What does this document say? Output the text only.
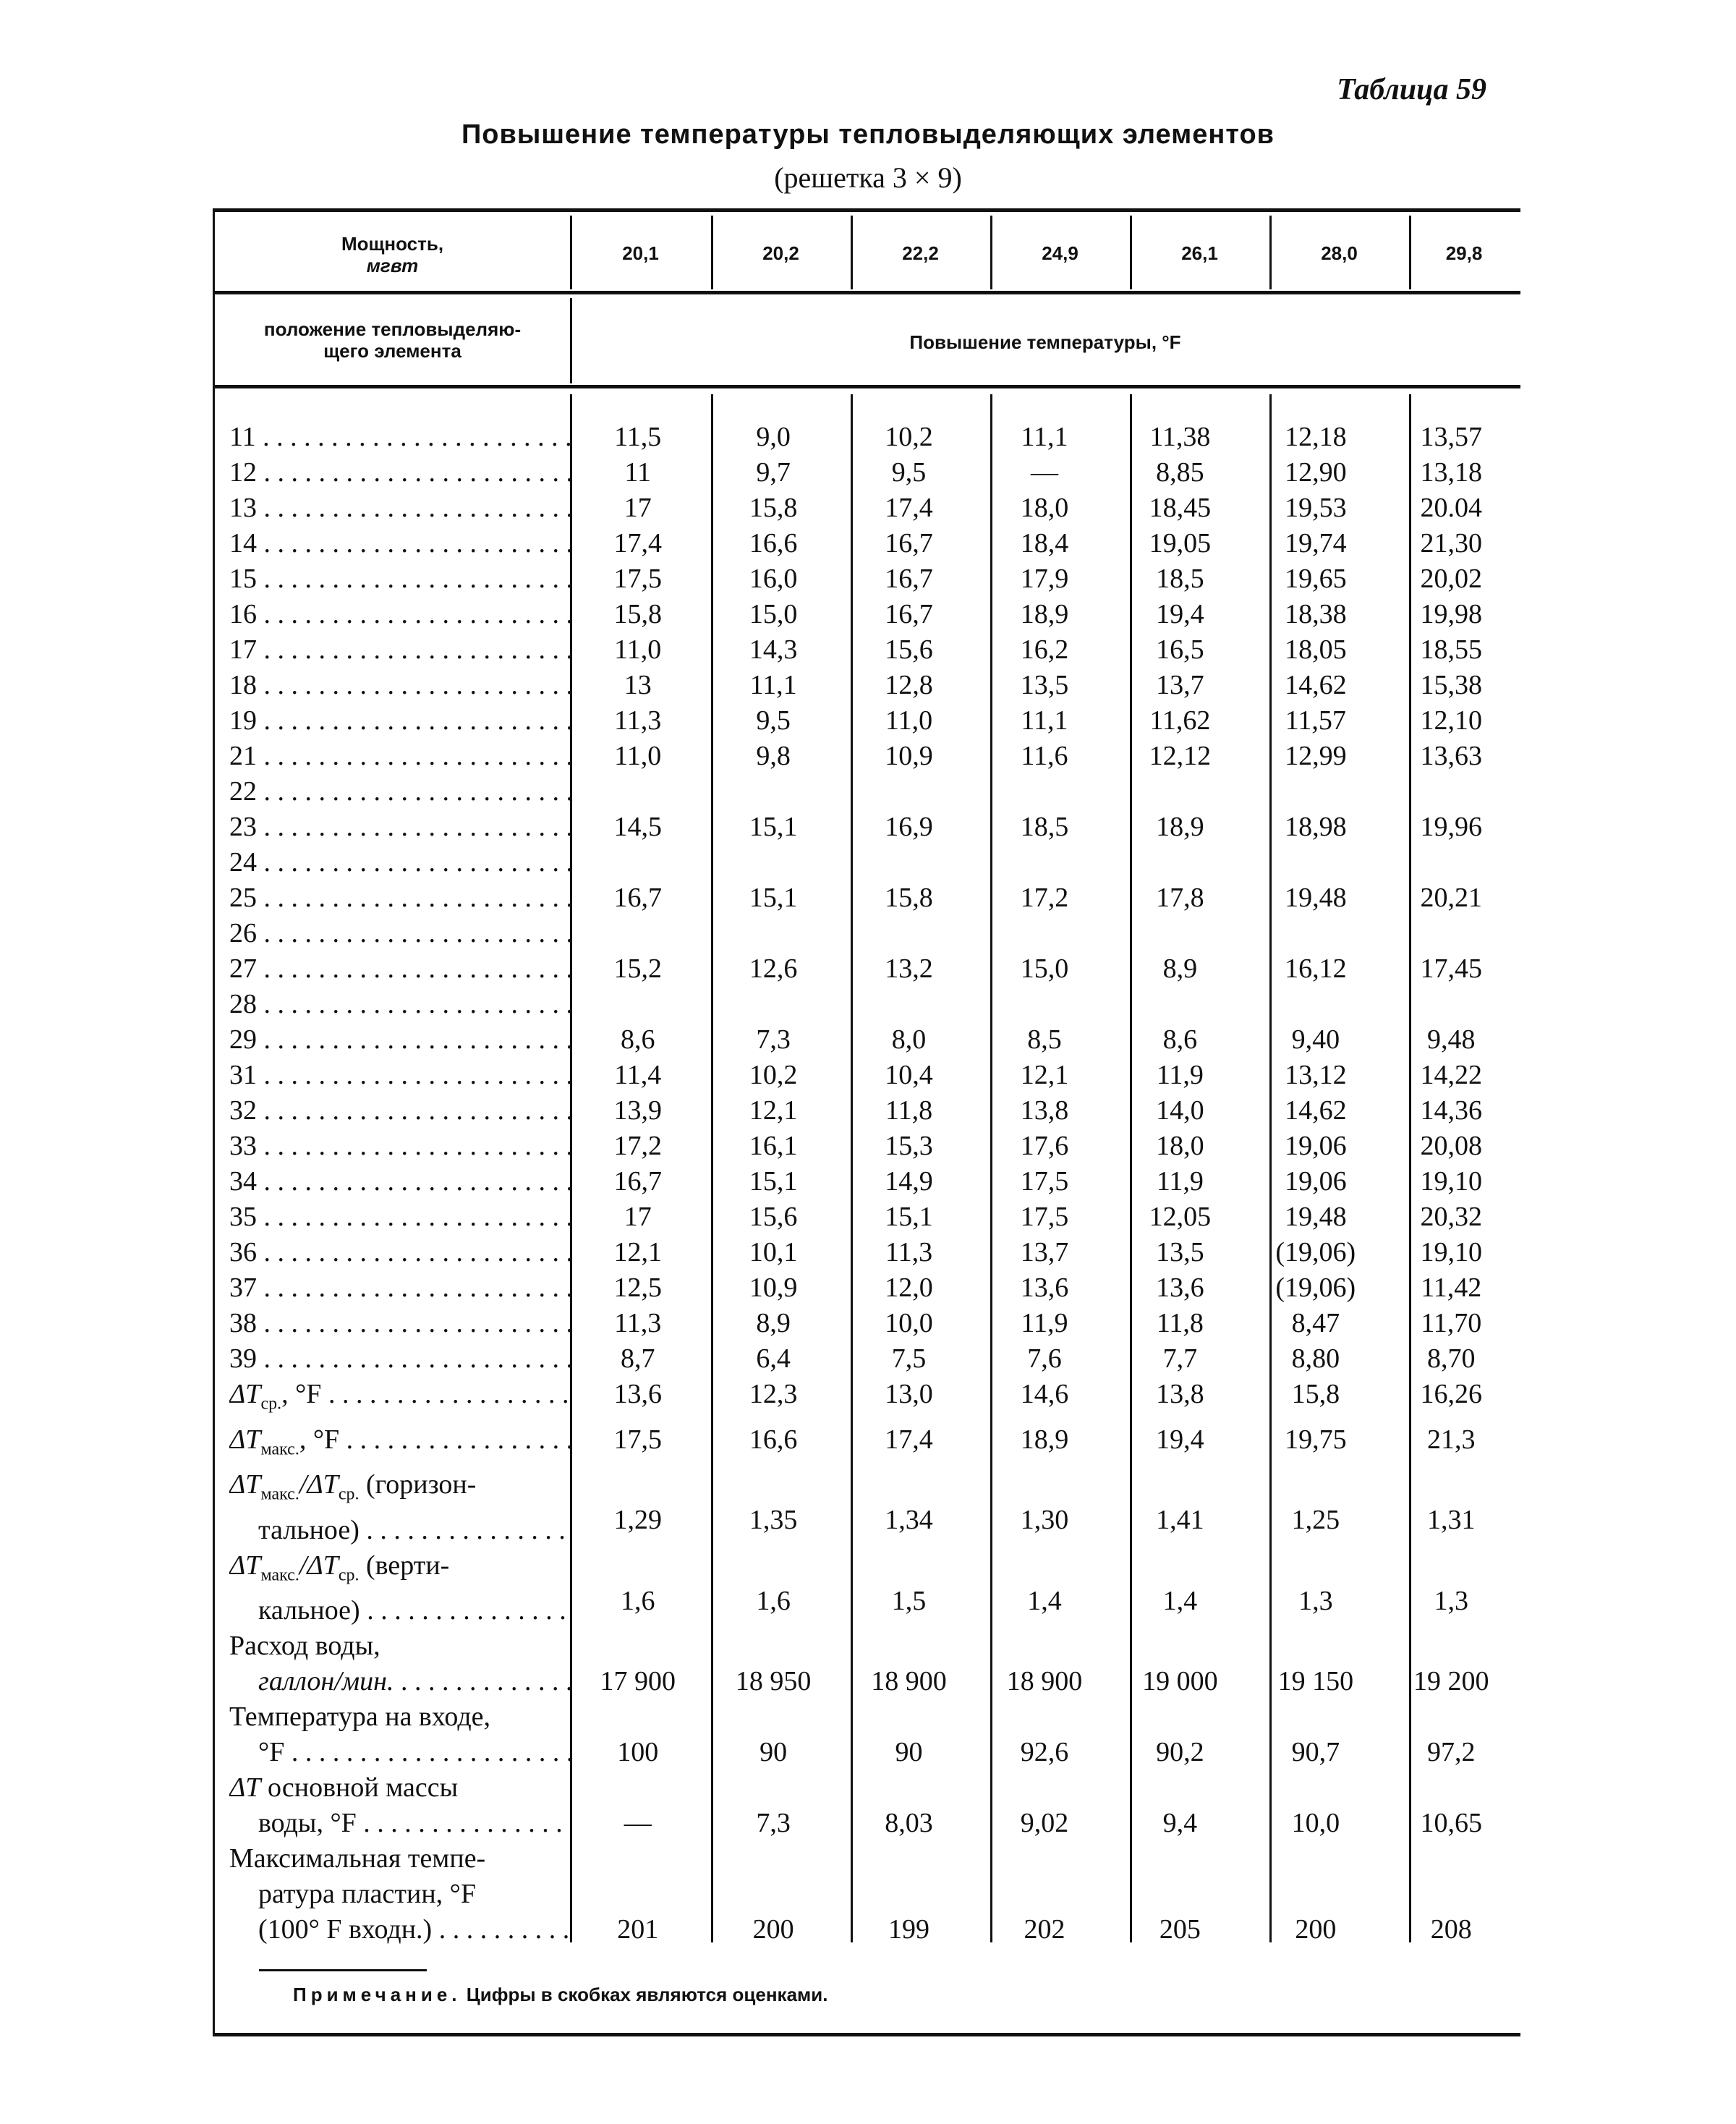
Таблица 59
Повышение температуры тепловыделяющих элементов
(решетка 3 × 9)
Мощность,
мгвт
20,1	20,2	22,2	24,9	26,1	28,0	29,8
положение тепловыделяю-
щего элемента	Повышение температуры, °F
11 . . .	11,5	9,0	10,2	11,1	11,38	12,18	13,57
12 . . .	11	9,7	9,5	—	8,85	12,90	13,18
13 . . .	17	15,8	17,4	18,0	18,45	19,53	20.04
14 . . .	17,4	16,6	16,7	18,4	19,05	19,74	21,30
15 . . .	17,5	16,0	16,7	17,9	18,5	19,65	20,02
16 . . .	15,8	15,0	16,7	18,9	19,4	18,38	19,98
17 . . .	11,0	14,3	15,6	16,2	16,5	18,05	18,55
18 . . .	13	11,1	12,8	13,5	13,7	14,62	15,38
19 . . .	11,3	9,5	11,0	11,1	11,62	11,57	12,10
21 . . .	11,0	9,8	10,9	11,6	12,12	12,99	13,63
22 . . .
23 . . .	14,5	15,1	16,9	18,5	18,9	18,98	19,96
24 . . .
25 . . .	16,7	15,1	15,8	17,2	17,8	19,48	20,21
26 . . .
27 . . .	15,2	12,6	13,2	15,0	8,9	16,12	17,45
28 . . .
29 . . .	8,6	7,3	8,0	8,5	8,6	9,40	9,48
31 . . .	11,4	10,2	10,4	12,1	11,9	13,12	14,22
32 . . .	13,9	12,1	11,8	13,8	14,0	14,62	14,36
33 . . .	17,2	16,1	15,3	17,6	18,0	19,06	20,08
34 . . .	16,7	15,1	14,9	17,5	11,9	19,06	19,10
35 . . .	17	15,6	15,1	17,5	12,05	19,48	20,32
36 . . .	12,1	10,1	11,3	13,7	13,5	(19,06)	19,10
37 . . .	12,5	10,9	12,0	13,6	13,6	(19,06)	11,42
38 . . .	11,3	8,9	10,0	11,9	11,8	8,47	11,70
39 . . .	8,7	6,4	7,5	7,6	7,7	8,80	8,70
$\Delta T_{ср.}$, °F . . .	13,6	12,3	13,0	14,6	13,8	15,8	16,26
$\Delta T_{макс.}$, °F . . .	17,5	16,6	17,4	18,9	19,4	19,75	21,3
$\Delta T_{макс.}/\Delta T_{ср.}$ (горизон-
тальное) . . .	1,29	1,35	1,34	1,30	1,41	1,25	1,31
$\Delta T_{макс.}/\Delta T_{ср.}$ (верти-
кальное) . . .	1,6	1,6	1,5	1,4	1,4	1,3	1,3
Расход воды,
галлон/мин. . . .	17 900	18 950	18 900	18 900	19 000	19 150	19 200
Температура на входе,
°F . . .	100	90	90	92,6	90,2	90,7	97,2
ΔT основной массы
воды, °F . . .	—	7,3	8,03	9,02	9,4	10,0	10,65
Максимальная темпе-
ратура пластин, °F
(100° F входн.) . . .	201	200	199	202	205	200	208
Примечание. Цифры в скобках являются оценками.
